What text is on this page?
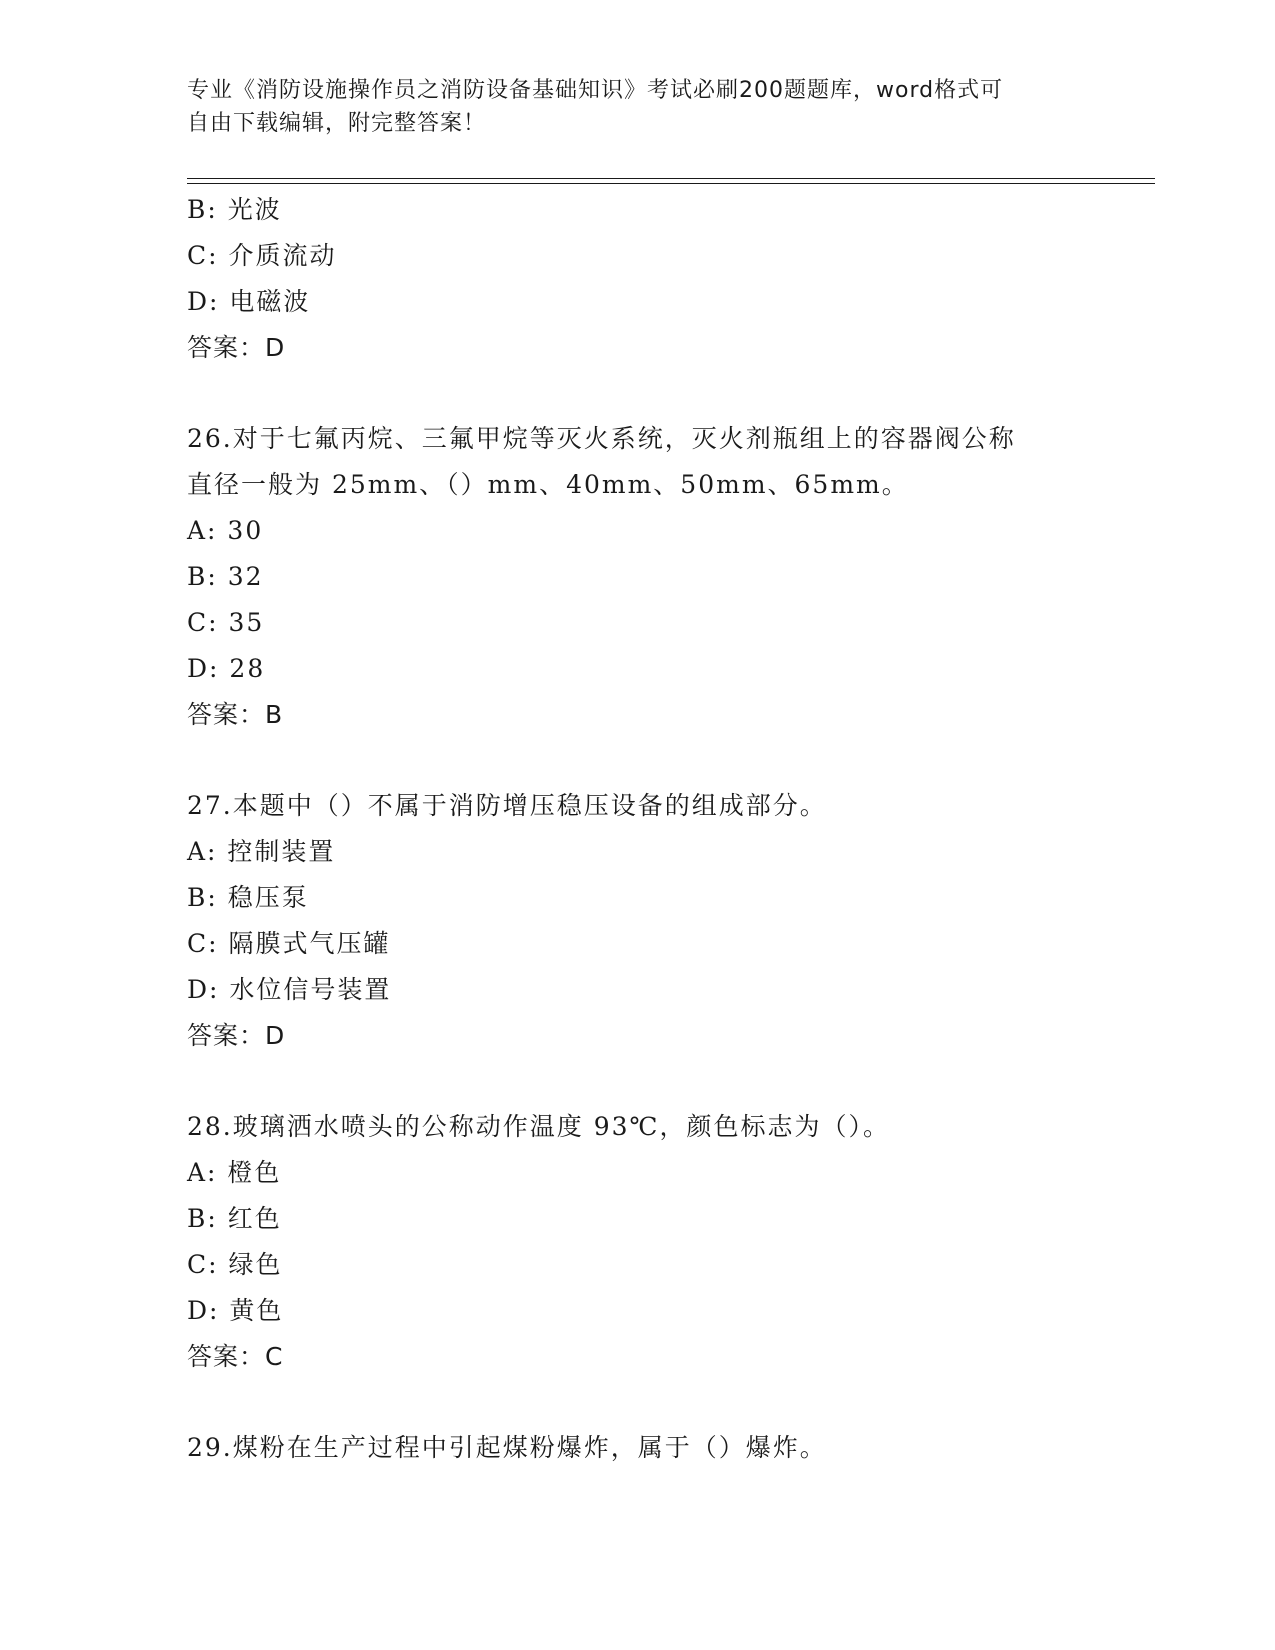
专业《消防设施操作员之消防设备基础知识》考试必刷200题题库，word格式可
自由下载编辑，附完整答案！
B: 光波
C: 介质流动
D: 电磁波
答案：D
26.对于七氟丙烷、三氟甲烷等灭火系统，灭火剂瓶组上的容器阀公称
直径一般为 25mm、（）mm、40mm、50mm、65mm。
A: 30
B: 32
C: 35
D: 28
答案：B
27.本题中（）不属于消防增压稳压设备的组成部分。
A: 控制装置
B: 稳压泵
C: 隔膜式气压罐
D: 水位信号装置
答案：D
28.玻璃洒水喷头的公称动作温度 93℃，颜色标志为（）。
A: 橙色
B: 红色
C: 绿色
D: 黄色
答案：C
29.煤粉在生产过程中引起煤粉爆炸，属于（）爆炸。
